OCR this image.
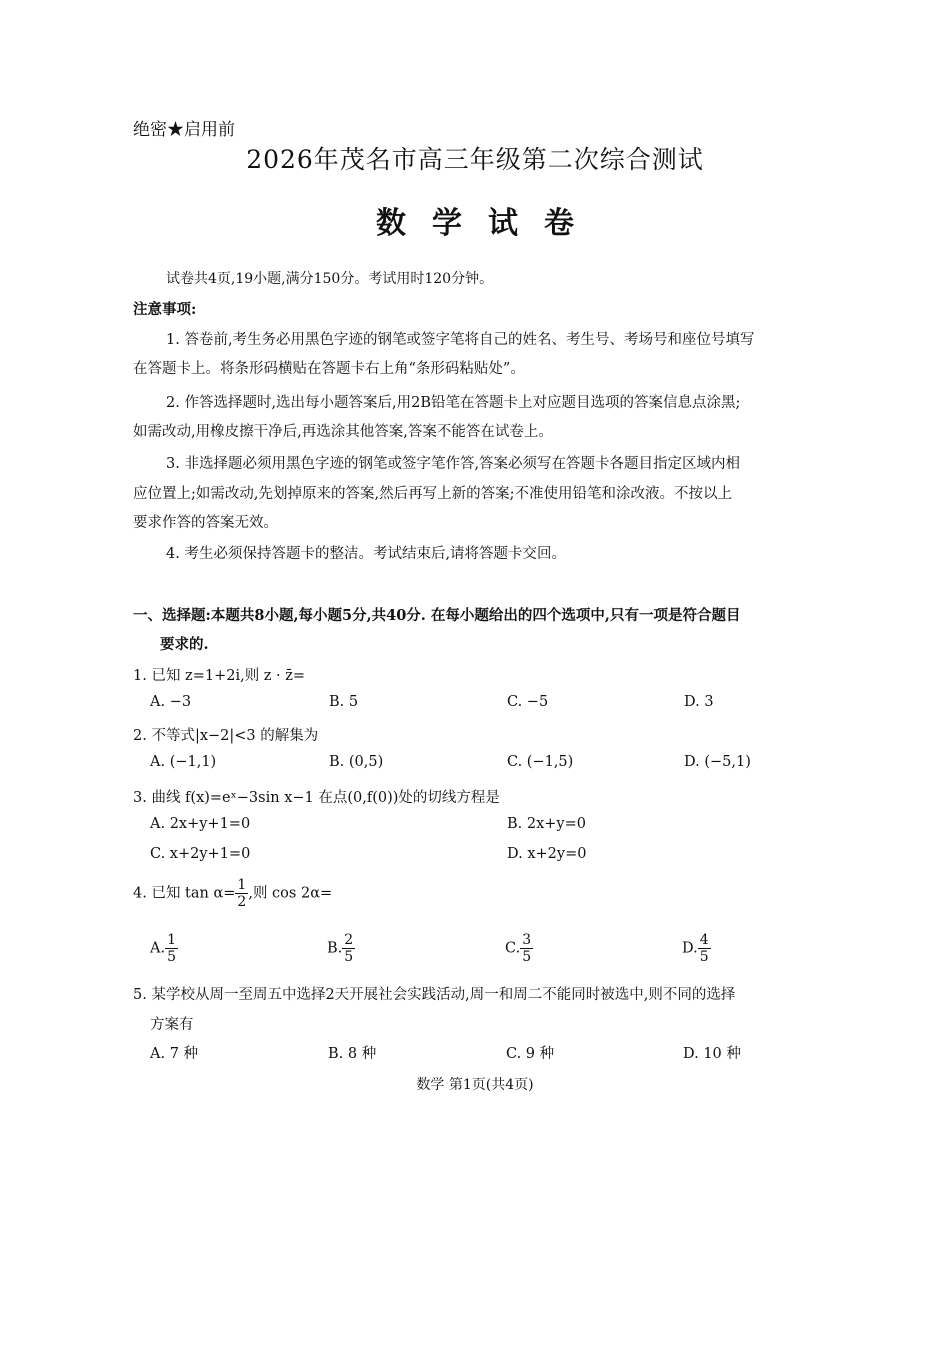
绝密★启用前
2026年茂名市高三年级第二次综合测试
数学试卷
试卷共4页,19小题,满分150分。考试用时120分钟。
注意事项:
1. 答卷前,考生务必用黑色字迹的钢笔或签字笔将自己的姓名、考生号、考场号和座位号填写
在答题卡上。将条形码横贴在答题卡右上角“条形码粘贴处”。
2. 作答选择题时,选出每小题答案后,用2B铅笔在答题卡上对应题目选项的答案信息点涂黑;
如需改动,用橡皮擦干净后,再选涂其他答案,答案不能答在试卷上。
3. 非选择题必须用黑色字迹的钢笔或签字笔作答,答案必须写在答题卡各题目指定区域内相
应位置上;如需改动,先划掉原来的答案,然后再写上新的答案;不准使用铅笔和涂改液。不按以上
要求作答的答案无效。
4. 考生必须保持答题卡的整洁。考试结束后,请将答题卡交回。
一、选择题:本题共8小题,每小题5分,共40分. 在每小题给出的四个选项中,只有一项是符合题目
要求的.
1. 已知 z=1+2i,则 z · z̄=
A. −3	B. 5	C. −5	D. 3
2. 不等式|x−2|<3 的解集为
A. (−1,1)	B. (0,5)	C. (−1,5)	D. (−5,1)
3. 曲线 f(x)=eˣ−3sin x−1 在点(0,f(0))处的切线方程是
A. 2x+y+1=0	B. 2x+y=0
C. x+2y+1=0	D. x+2y=0
4. 已知 $\tan \alpha= \frac{1}{2}$ ,则 cos 2α=
A. $\frac{1}{5}$	B. $\frac{2}{5}$	C. $\frac{3}{5}$	D. $\frac{4}{5}$
5. 某学校从周一至周五中选择2天开展社会实践活动,周一和周二不能同时被选中,则不同的选择
方案有
A. 7 种	B. 8 种	C. 9 种	D. 10 种
数学 第1页(共4页)
